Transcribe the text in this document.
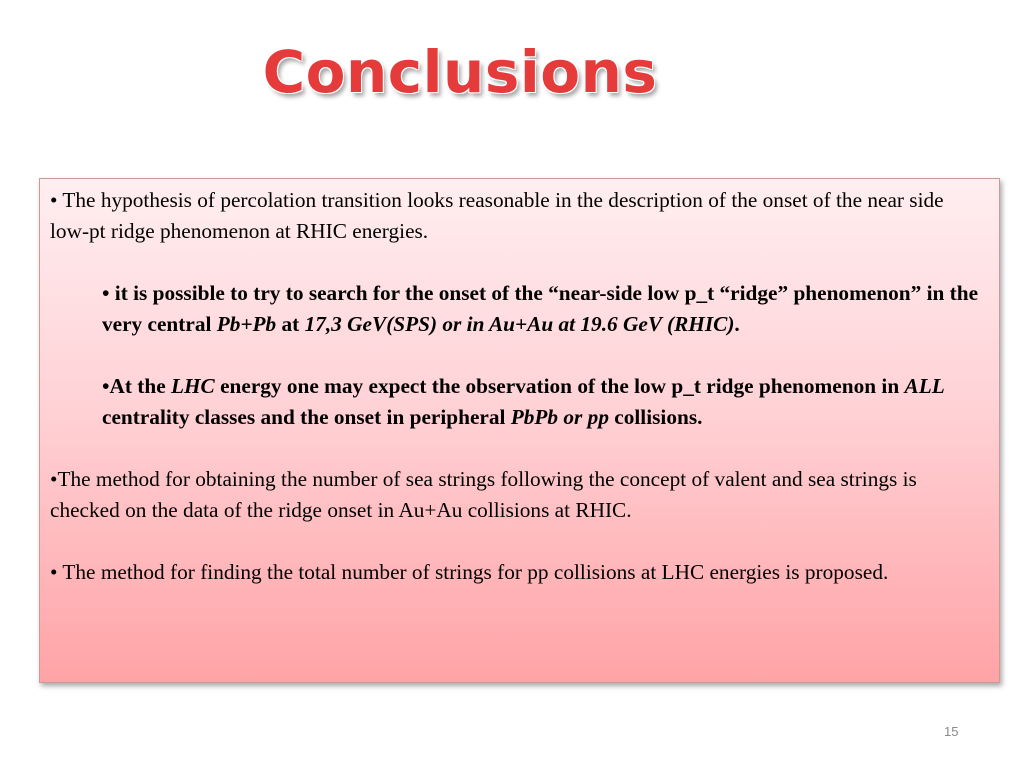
Conclusions

• The hypothesis of percolation transition looks reasonable in the description of the onset of the near side low-pt ridge phenomenon at RHIC energies.

• it is possible to try to search for the onset of the “near-side low p_t “ridge” phenomenon” in the very central Pb+Pb at 17,3 GeV(SPS) or in Au+Au at 19.6 GeV (RHIC).

•At the LHC energy one may expect the observation of the low p_t ridge phenomenon in ALL centrality classes and the onset in peripheral PbPb or pp collisions.

•The method for obtaining the number of sea strings following the concept of valent and sea strings is checked on the data of the ridge onset in Au+Au collisions at RHIC.

• The method for finding the total number of strings for pp collisions at LHC energies is proposed.

15
